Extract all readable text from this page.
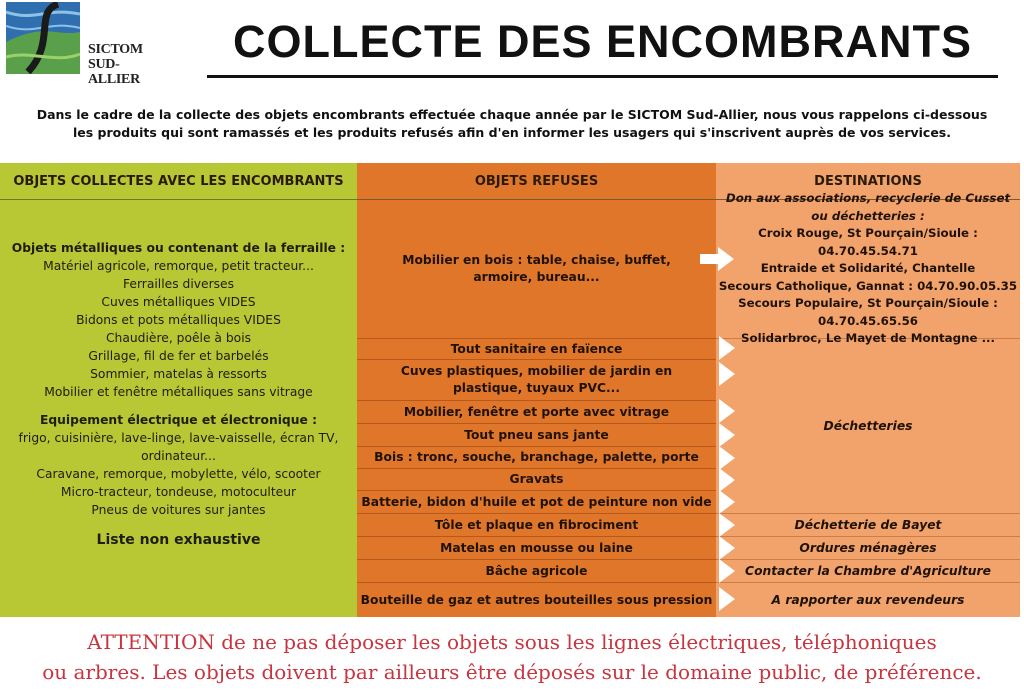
SICTOM
SUD-ALLIER
COLLECTE DES ENCOMBRANTS
Dans le cadre de la collecte des objets encombrants effectuée chaque année par le SICTOM Sud-Allier, nous vous rappelons ci-dessous
les produits qui sont ramassés et les produits refusés afin d'en informer les usagers qui s'inscrivent auprès de vos services.
OBJETS COLLECTES AVEC LES ENCOMBRANTS
Objets métalliques ou contenant de la ferraille :
Matériel agricole, remorque, petit tracteur...
Ferrailles diverses
Cuves métalliques VIDES
Bidons et pots métalliques VIDES
Chaudière, poêle à bois
Grillage, fil de fer et barbelés
Sommier, matelas à ressorts
Mobilier et fenêtre métalliques sans vitrage
Equipement électrique et électronique :
frigo, cuisinière, lave-linge, lave-vaisselle, écran TV,
ordinateur...
Caravane, remorque, mobylette, vélo, scooter
Micro-tracteur, tondeuse, motoculteur
Pneus de voitures sur jantes
Liste non exhaustive
OBJETS REFUSES
Mobilier en bois : table, chaise, buffet, armoire, bureau...
Tout sanitaire en faïence
Cuves plastiques, mobilier de jardin en plastique, tuyaux PVC...
Mobilier, fenêtre et porte avec vitrage
Tout pneu sans jante
Bois : tronc, souche, branchage, palette, porte
Gravats
Batterie, bidon d'huile et pot de peinture non vide
Tôle et plaque en fibrociment
Matelas en mousse ou laine
Bâche agricole
Bouteille de gaz et autres bouteilles sous pression
DESTINATIONS
Don aux associations, recyclerie de Cusset
ou déchetteries :
Croix Rouge, St Pourçain/Sioule : 04.70.45.54.71
Entraide et Solidarité, Chantelle
Secours Catholique, Gannat : 04.70.90.05.35
Secours Populaire, St Pourçain/Sioule :
04.70.45.65.56
Solidarbroc, Le Mayet de Montagne ...
Déchetteries
Déchetterie de Bayet
Ordures ménagères
Contacter la Chambre d'Agriculture
A rapporter aux revendeurs
ATTENTION de ne pas déposer les objets sous les lignes électriques, téléphoniques
ou arbres. Les objets doivent par ailleurs être déposés sur le domaine public, de préférence.
